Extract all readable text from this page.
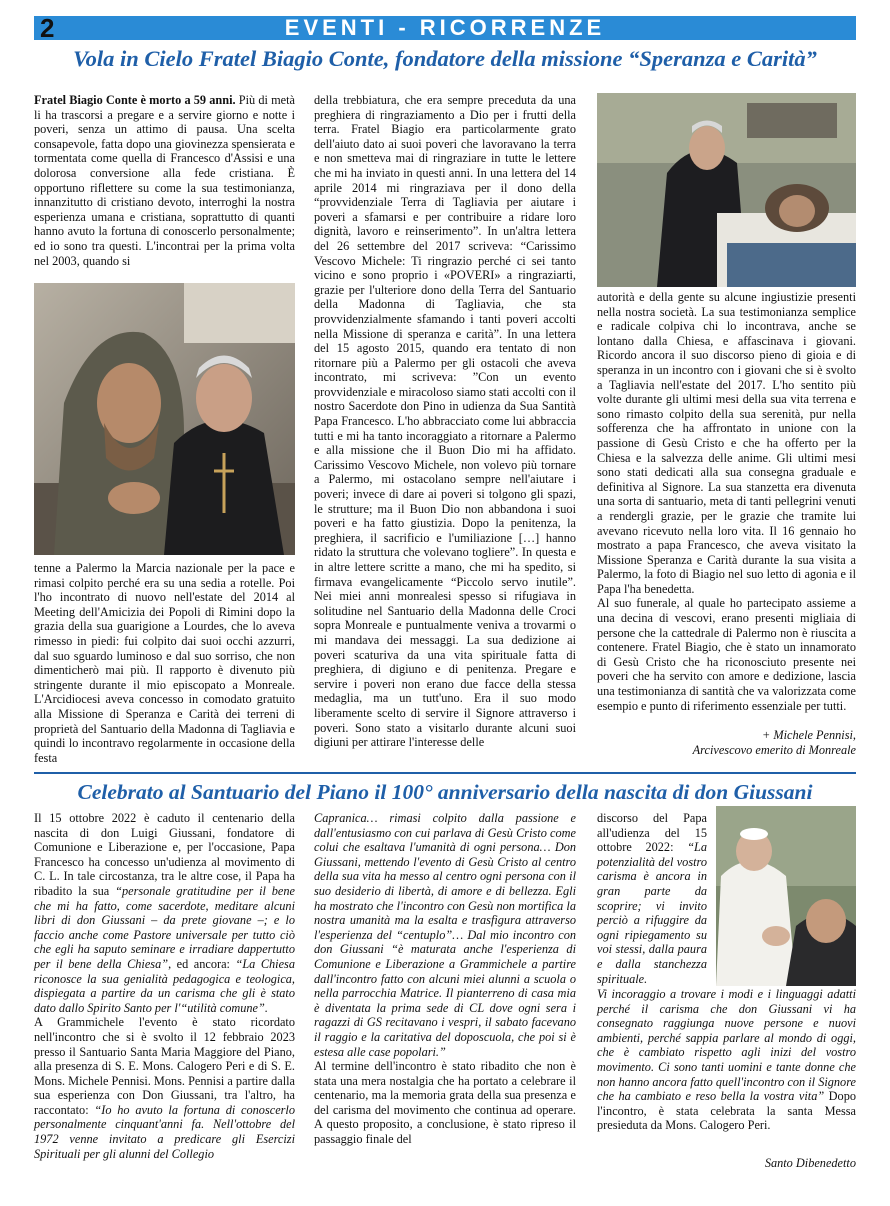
2	EVENTI - RICORRENZE
Vola in Cielo Fratel Biagio Conte, fondatore della missione “Speranza e Carità”

Fratel Biagio Conte è morto a 59 anni. Più di metà li ha trascorsi a pregare e a servire giorno e notte i poveri, senza un attimo di pausa. Una scelta consapevole, fatta dopo una giovinezza spensierata e tormentata come quella di Francesco d'Assisi e una dolorosa conversione alla fede cristiana. È opportuno riflettere su come la sua testimonianza, innanzitutto di cristiano devoto, interroghi la nostra esperienza umana e cristiana, soprattutto di quanti hanno avuto la fortuna di conoscerlo personalmente; ed io sono tra questi. L'incontrai per la prima volta nel 2003, quando si

tenne a Palermo la Marcia nazionale per la pace e rimasi colpito perché era su una sedia a rotelle. Poi l'ho incontrato di nuovo nell'estate del 2014 al Meeting dell'Amicizia dei Popoli di Rimini dopo la grazia della sua guarigione a Lourdes, che lo aveva rimesso in piedi: fui colpito dai suoi occhi azzurri, dal suo sguardo luminoso e dal suo sorriso, che non dimenticherò mai più. Il rapporto è divenuto più stringente durante il mio episcopato a Monreale. L'Arcidiocesi aveva concesso in comodato gratuito alla Missione di Speranza e Carità dei terreni di proprietà del Santuario della Madonna di Tagliavia e quindi lo incontravo regolarmente in occasione della festa

della trebbiatura, che era sempre preceduta da una preghiera di ringraziamento a Dio per i frutti della terra. Fratel Biagio era particolarmente grato dell'aiuto dato ai suoi poveri che lavoravano la terra e non smetteva mai di ringraziare in tutte le lettere che mi ha inviato in questi anni. In una lettera del 14 aprile 2014 mi ringraziava per il dono della “provvidenziale Terra di Tagliavia per aiutare i poveri a sfamarsi e per contribuire a ridare loro dignità, lavoro e reinserimento”. In un'altra lettera del 26 settembre del 2017 scriveva: “Carissimo Vescovo Michele: Ti ringrazio perché ci sei tanto vicino e sono proprio i «POVERI» a ringraziarti, grazie per l'ulteriore dono della Terra del Santuario della Madonna di Tagliavia, che sta provvidenzialmente sfamando i tanti poveri accolti nella Missione di speranza e carità”. In una lettera del 15 agosto 2015, quando era tentato di non ritornare più a Palermo per gli ostacoli che aveva incontrato, mi scriveva: ”Con un evento provvidenziale e miracoloso siamo stati accolti con il nostro Sacerdote don Pino in udienza da Sua Santità Papa Francesco. L'ho abbracciato come lui abbraccia tutti e mi ha tanto incoraggiato a ritornare a Palermo e alla missione che il Buon Dio mi ha affidato. Carissimo Vescovo Michele, non volevo più tornare a Palermo, mi ostacolano sempre nell'aiutare i poveri; invece di dare ai poveri si tolgono gli spazi, le strutture; ma il Buon Dio non abbandona i suoi poveri e ha fatto giustizia. Dopo la penitenza, la preghiera, il sacrificio e l'umiliazione […] hanno ridato la struttura che volevano togliere”. In questa e in altre lettere scritte a mano, che mi ha spedito, si firmava evangelicamente “Piccolo servo inutile”. Nei miei anni monrealesi spesso si rifugiava in solitudine nel Santuario della Madonna delle Croci sopra Monreale e puntualmente veniva a trovarmi o mi mandava dei messaggi. La sua dedizione ai poveri scaturiva da una vita spirituale fatta di preghiera, di digiuno e di penitenza. Pregare e servire i poveri non erano due facce della stessa medaglia, ma un tutt'uno. Era il suo modo liberamente scelto di servire il Signore attraverso i poveri. Sono stato a visitarlo durante alcuni suoi digiuni per attirare l'interesse delle

autorità e della gente su alcune ingiustizie presenti nella nostra società. La sua testimonianza semplice e radicale colpiva chi lo incontrava, anche se lontano dalla Chiesa, e affascinava i giovani. Ricordo ancora il suo discorso pieno di gioia e di speranza in un incontro con i giovani che si è svolto a Tagliavia nell'estate del 2017. L'ho sentito più volte durante gli ultimi mesi della sua vita terrena e sono rimasto colpito della sua serenità, pur nella sofferenza che ha affrontato in unione con la passione di Gesù Cristo e che ha offerto per la Chiesa e la salvezza delle anime. Gli ultimi mesi sono stati dedicati alla sua consegna graduale e definitiva al Signore. La sua stanzetta era divenuta una sorta di santuario, meta di tanti pellegrini venuti a rendergli grazie, per le grazie che tramite lui avevano ricevuto nella loro vita. Il 16 gennaio ho mostrato a papa Francesco, che aveva visitato la Missione Speranza e Carità durante la sua visita a Palermo, la foto di Biagio nel suo letto di agonia e il Papa l'ha benedetta.

Al suo funerale, al quale ho partecipato assieme a una decina di vescovi, erano presenti migliaia di persone che la cattedrale di Palermo non è riuscita a contenere. Fratel Biagio, che è stato un innamorato di Gesù Cristo che ha riconosciuto presente nei poveri che ha servito con amore e dedizione, lascia una testimonianza di santità che va valorizzata come esempio e punto di riferimento essenziale per tutti.

+ Michele Pennisi,
Arcivescovo emerito di Monreale
Celebrato al Santuario del Piano il 100° anniversario della nascita di don Giussani

Il 15 ottobre 2022 è caduto il centenario della nascita di don Luigi Giussani, fondatore di Comunione e Liberazione e, per l'occasione, Papa Francesco ha concesso un'udienza al movimento di C. L. In tale circostanza, tra le altre cose, il Papa ha ribadito la sua “personale gratitudine per il bene che mi ha fatto, come sacerdote, meditare alcuni libri di don Giussani – da prete giovane –; e lo faccio anche come Pastore universale per tutto ciò che egli ha saputo seminare e irradiare dappertutto per il bene della Chiesa”, ed ancora: “La Chiesa riconosce la sua genialità pedagogica e teologica, dispiegata a partire da un carisma che gli è stato dato dallo Spirito Santo per l'“utilità comune”.

A Grammichele l'evento è stato ricordato nell'incontro che si è svolto il 12 febbraio 2023 presso il Santuario Santa Maria Maggiore del Piano, alla presenza di S. E. Mons. Calogero Peri e di S. E. Mons. Michele Pennisi. Mons. Pennisi a partire dalla sua esperienza con Don Giussani, tra l'altro, ha raccontato: “Io ho avuto la fortuna di conoscerlo personalmente cinquant'anni fa. Nell'ottobre del 1972 venne invitato a predicare gli Esercizi Spirituali per gli alunni del Collegio

Capranica… rimasi colpito dalla passione e dall'entusiasmo con cui parlava di Gesù Cristo come colui che esaltava l'umanità di ogni persona… Don Giussani, mettendo l'evento di Gesù Cristo al centro della sua vita ha messo al centro ogni persona con il suo desiderio di libertà, di amore e di bellezza. Egli ha mostrato che l'incontro con Gesù non mortifica la nostra umanità ma la esalta e trasfigura attraverso l'esperienza del “centuplo”… Dal mio incontro con don Giussani “è maturata anche l'esperienza di Comunione e Liberazione a Grammichele a partire dall'incontro fatto con alcuni miei alunni a scuola o nella parrocchia Matrice. Il pianterreno di casa mia è diventata la prima sede di CL dove ogni sera i ragazzi di GS recitavano i vespri, il sabato facevano il raggio e la caritativa del doposcuola, che poi si è estesa alle case popolari.”

Al termine dell'incontro è stato ribadito che non è stata una mera nostalgia che ha portato a celebrare il centenario, ma la memoria grata della sua presenza e del carisma del movimento che continua ad operare. A questo proposito, a conclusione, è stato ripreso il passaggio finale del

discorso del Papa all'udienza del 15 ottobre 2022: “La potenzialità del vostro carisma è ancora in gran parte da scoprire; vi invito perciò a rifuggire da ogni ripiegamento su voi stessi, dalla paura e dalla stanchezza spirituale.

Vi incoraggio a trovare i modi e i linguaggi adatti perché il carisma che don Giussani vi ha consegnato raggiunga nuove persone e nuovi ambienti, perché sappia parlare al mondo di oggi, che è cambiato rispetto agli inizi del vostro movimento. Ci sono tanti uomini e tante donne che non hanno ancora fatto quell'incontro con il Signore che ha cambiato e reso bella la vostra vita” Dopo l'incontro, è stata celebrata la santa Messa presieduta da Mons. Calogero Peri.

Santo Dibenedetto
